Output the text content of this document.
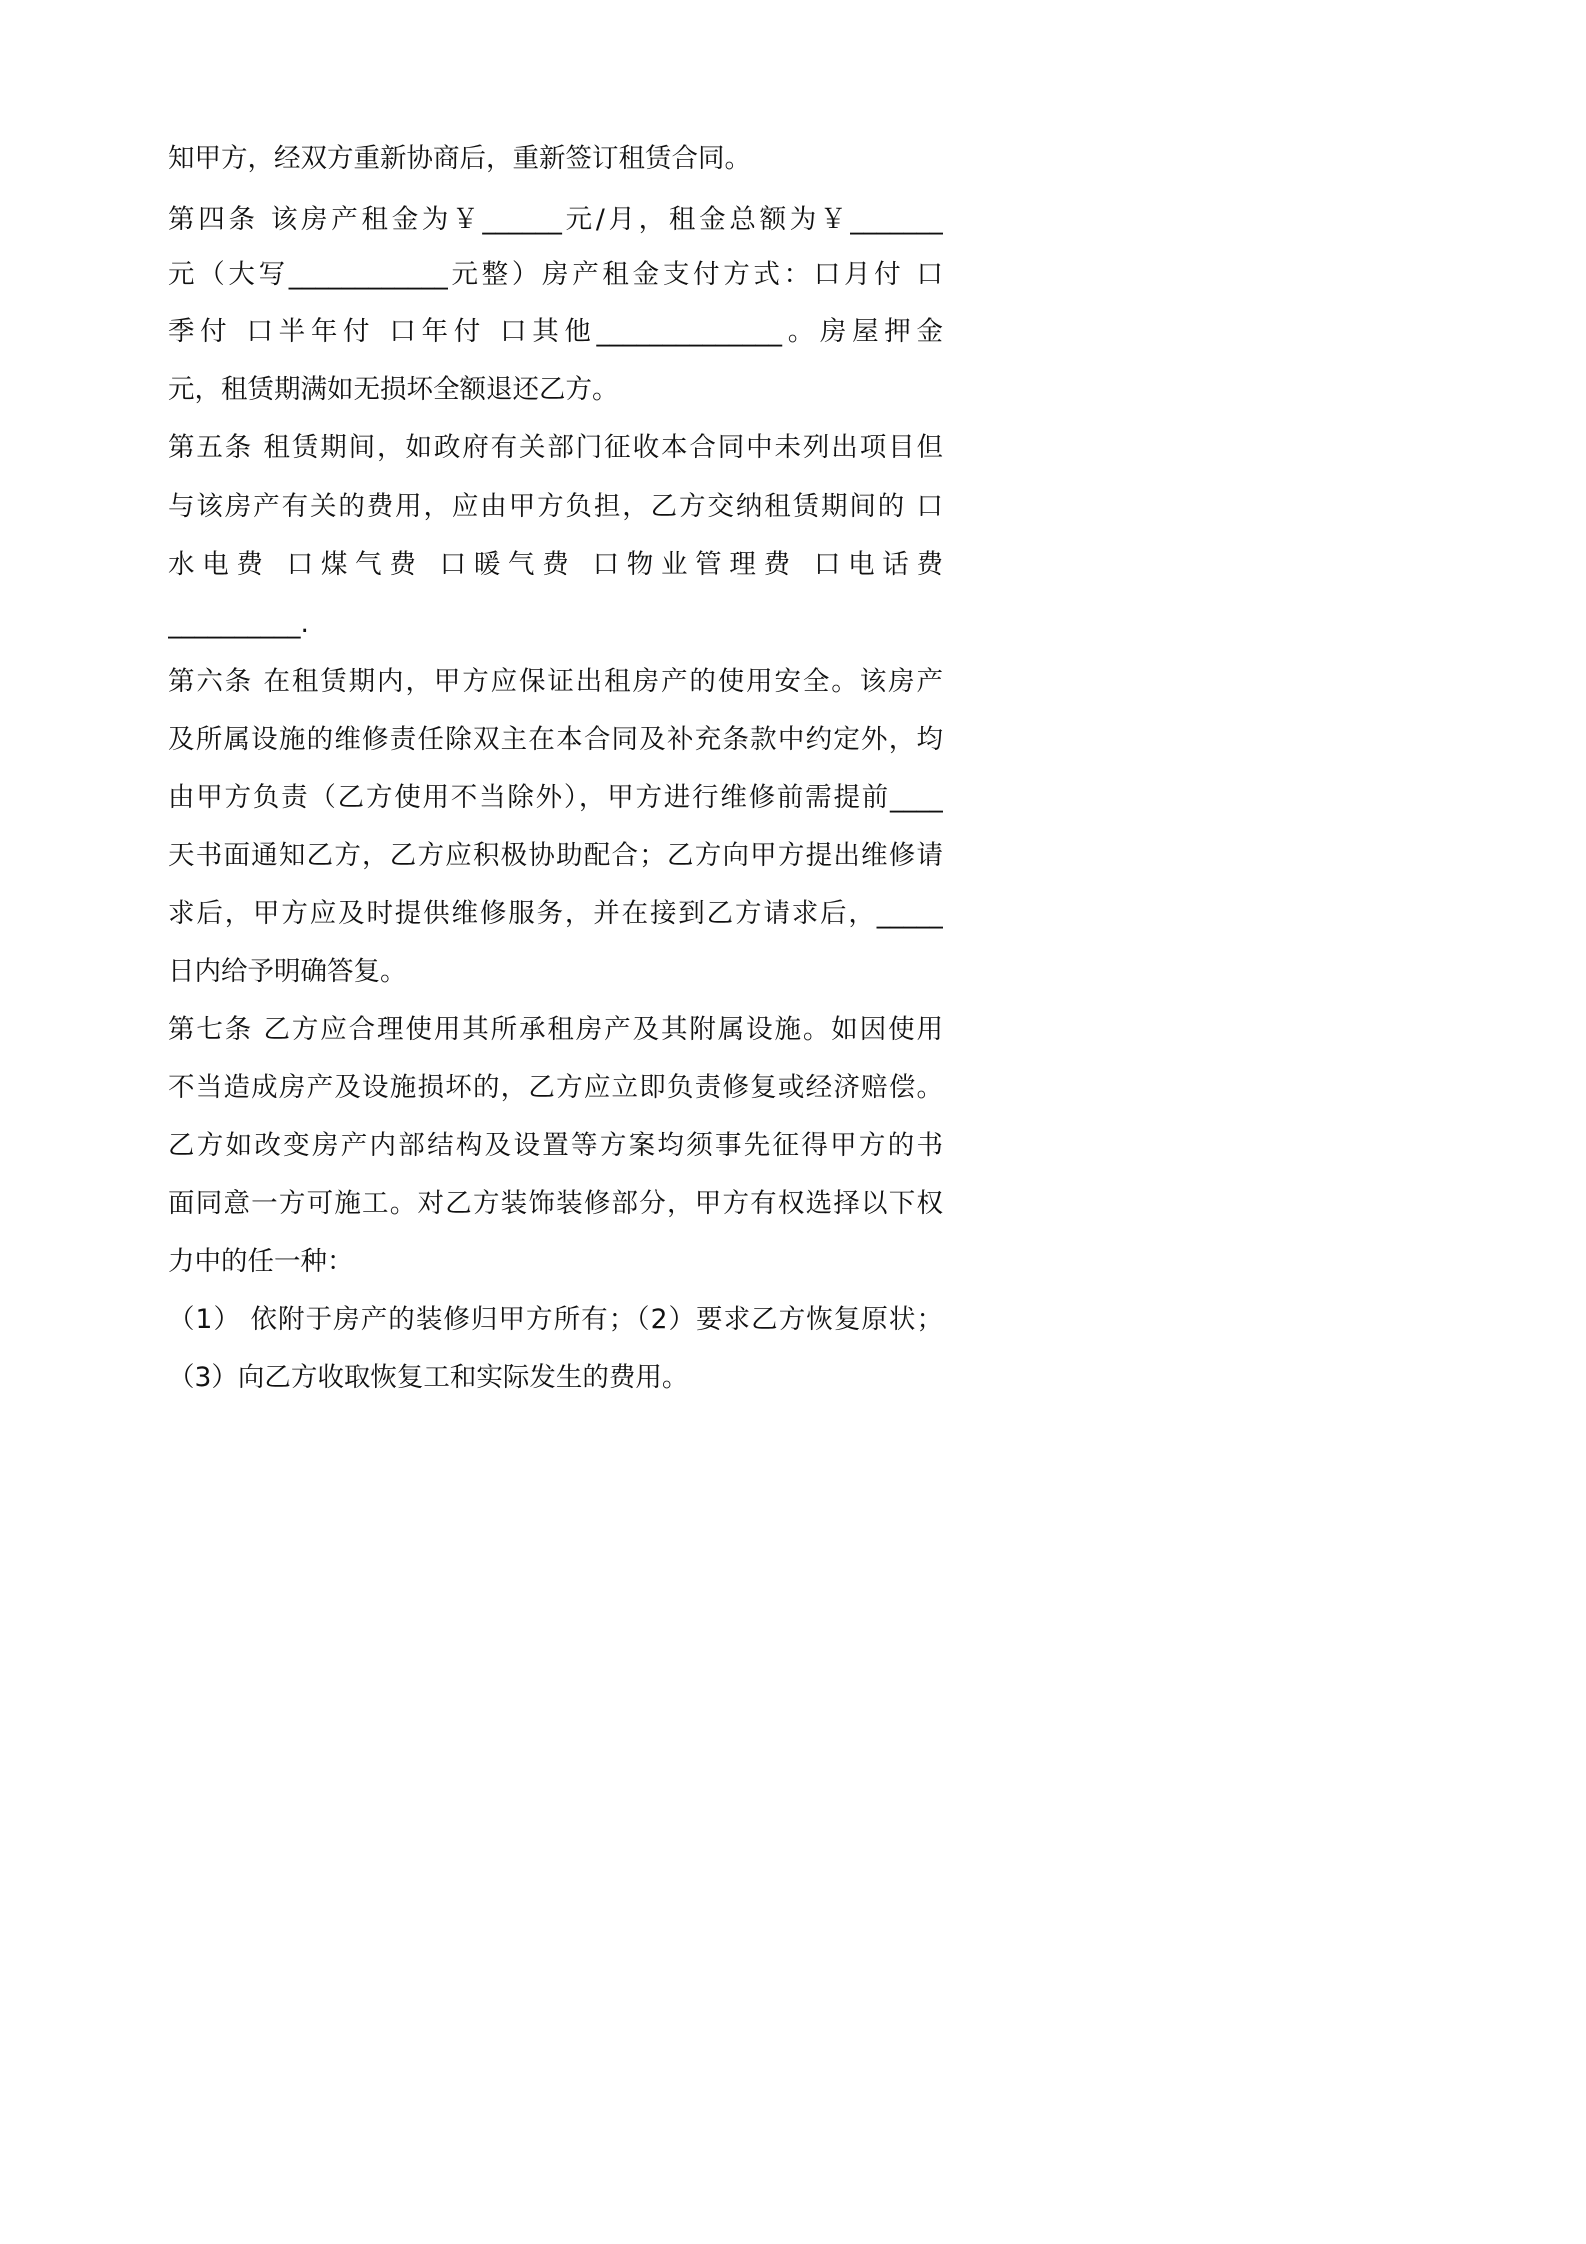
知甲方，经双方重新协商后，重新签订租赁合同。
第四条 该房产租金为￥______元/月，租金总额为￥_______
元（大写____________元整）房产租金支付方式：口月付 口
季付 口半年付 口年付 口其他______________。房屋押金
元，租赁期满如无损坏全额退还乙方。
第五条 租赁期间，如政府有关部门征收本合同中未列出项目但
与该房产有关的费用，应由甲方负担，乙方交纳租赁期间的 口
水电费 口煤气费 口暖气费 口物业管理费 口电话费
__________.
第六条 在租赁期内，甲方应保证出租房产的使用安全。该房产
及所属设施的维修责任除双主在本合同及补充条款中约定外，均
由甲方负责（乙方使用不当除外），甲方进行维修前需提前____
天书面通知乙方，乙方应积极协助配合；乙方向甲方提出维修请
求后，甲方应及时提供维修服务，并在接到乙方请求后，_____
日内给予明确答复。
第七条 乙方应合理使用其所承租房产及其附属设施。如因使用
不当造成房产及设施损坏的，乙方应立即负责修复或经济赔偿。
乙方如改变房产内部结构及设置等方案均须事先征得甲方的书
面同意一方可施工。对乙方装饰装修部分，甲方有权选择以下权
力中的任一种：
（1） 依附于房产的装修归甲方所有；（2）要求乙方恢复原状；
（3）向乙方收取恢复工和实际发生的费用。
